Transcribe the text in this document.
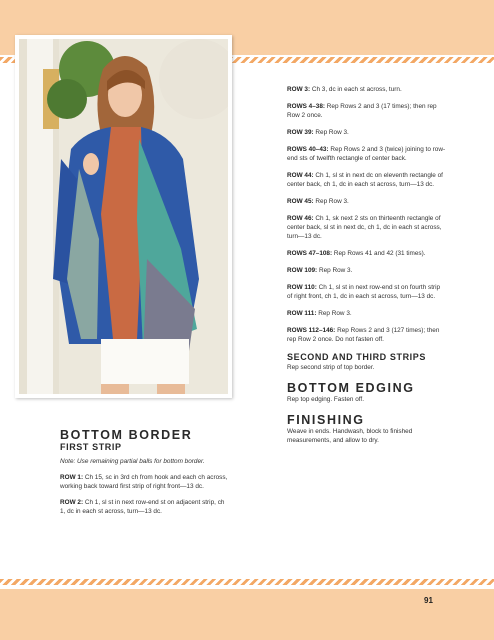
BOTTOM BORDER
FIRST STRIP

Note: Use remaining partial balls for bottom border.

ROW 1: Ch 15, sc in 3rd ch from hook and each ch across, working back toward first strip of right front—13 dc.

ROW 2: Ch 1, sl st in next row-end st on adjacent strip, ch 1, dc in each st across, turn—13 dc.

ROW 3: Ch 3, dc in each st across, turn.

ROWS 4–38: Rep Rows 2 and 3 (17 times); then rep Row 2 once.

ROW 39: Rep Row 3.

ROWS 40–43: Rep Rows 2 and 3 (twice) joining to row-end sts of twelfth rectangle of center back.

ROW 44: Ch 1, sl st in next dc on eleventh rectangle of center back, ch 1, dc in each st across, turn—13 dc.

ROW 45: Rep Row 3.

ROW 46: Ch 1, sk next 2 sts on thirteenth rectangle of center back, sl st in next dc, ch 1, dc in each st across, turn—13 dc.

ROWS 47–108: Rep Rows 41 and 42 (31 times).

ROW 109: Rep Row 3.

ROW 110: Ch 1, sl st in next row-end st on fourth strip of right front, ch 1, dc in each st across, turn—13 dc.

ROW 111: Rep Row 3.

ROWS 112–146: Rep Rows 2 and 3 (127 times); then rep Row 2 once. Do not fasten off.

SECOND AND THIRD STRIPS

Rep second strip of top border.

BOTTOM EDGING

Rep top edging. Fasten off.

FINISHING

Weave in ends. Handwash, block to finished measurements, and allow to dry.

91
